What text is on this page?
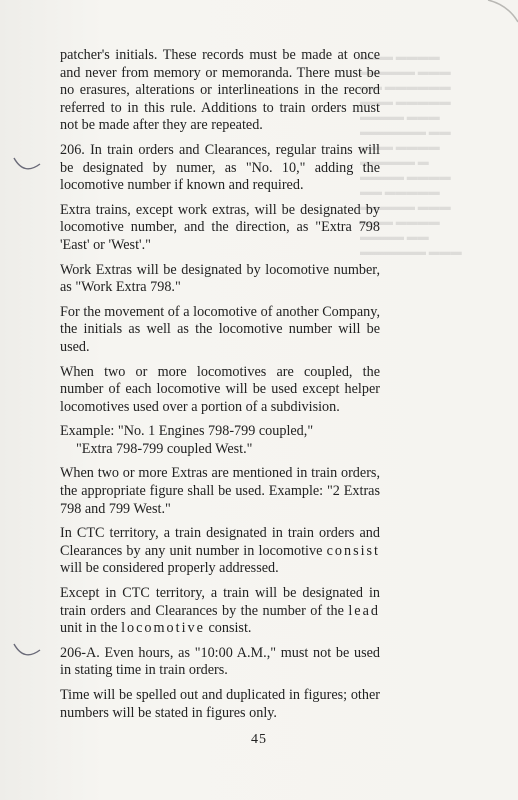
▬▬▬ ▬▬▬▬
▬▬▬▬▬ ▬▬▬
▬▬ ▬▬▬▬▬▬
▬▬▬ ▬▬▬▬▬
▬▬▬▬ ▬▬▬
▬▬▬▬▬▬ ▬▬
▬▬▬ ▬▬▬▬
▬▬▬▬▬ ▬
▬▬▬▬ ▬▬▬▬
▬▬ ▬▬▬▬▬
▬▬▬▬▬ ▬▬▬
▬▬▬ ▬▬▬▬
▬▬▬▬ ▬▬
▬▬▬▬▬▬ ▬▬▬

patcher's initials. These records must be made at once and never from memory or memoranda. There must be no erasures, alterations or interlineations in the record referred to in this rule. Additions to train orders must not be made after they are repeated.

206. In train orders and Clearances, regular trains will be designated by numer, as "No. 10," adding the locomotive number if known and required.

Extra trains, except work extras, will be designated by locomotive number, and the direction, as "Extra 798 'East' or 'West'."

Work Extras will be designated by locomotive number, as "Work Extra 798."

For the movement of a locomotive of another Company, the initials as well as the locomotive number will be used.

When two or more locomotives are coupled, the number of each locomotive will be used except helper locomotives used over a portion of a subdivision.

Example: "No. 1 Engines 798-799 coupled,"
"Extra 798-799 coupled West."

When two or more Extras are mentioned in train orders, the appropriate figure shall be used. Example: "2 Extras 798 and 799 West."

In CTC territory, a train designated in train orders and Clearances by any unit number in locomotive consist will be considered properly addressed.

Except in CTC territory, a train will be designated in train orders and Clearances by the number of the lead unit in the locomotive consist.

206-A. Even hours, as "10:00 A.M.," must not be used in stating time in train orders.

Time will be spelled out and duplicated in figures; other numbers will be stated in figures only.

45
